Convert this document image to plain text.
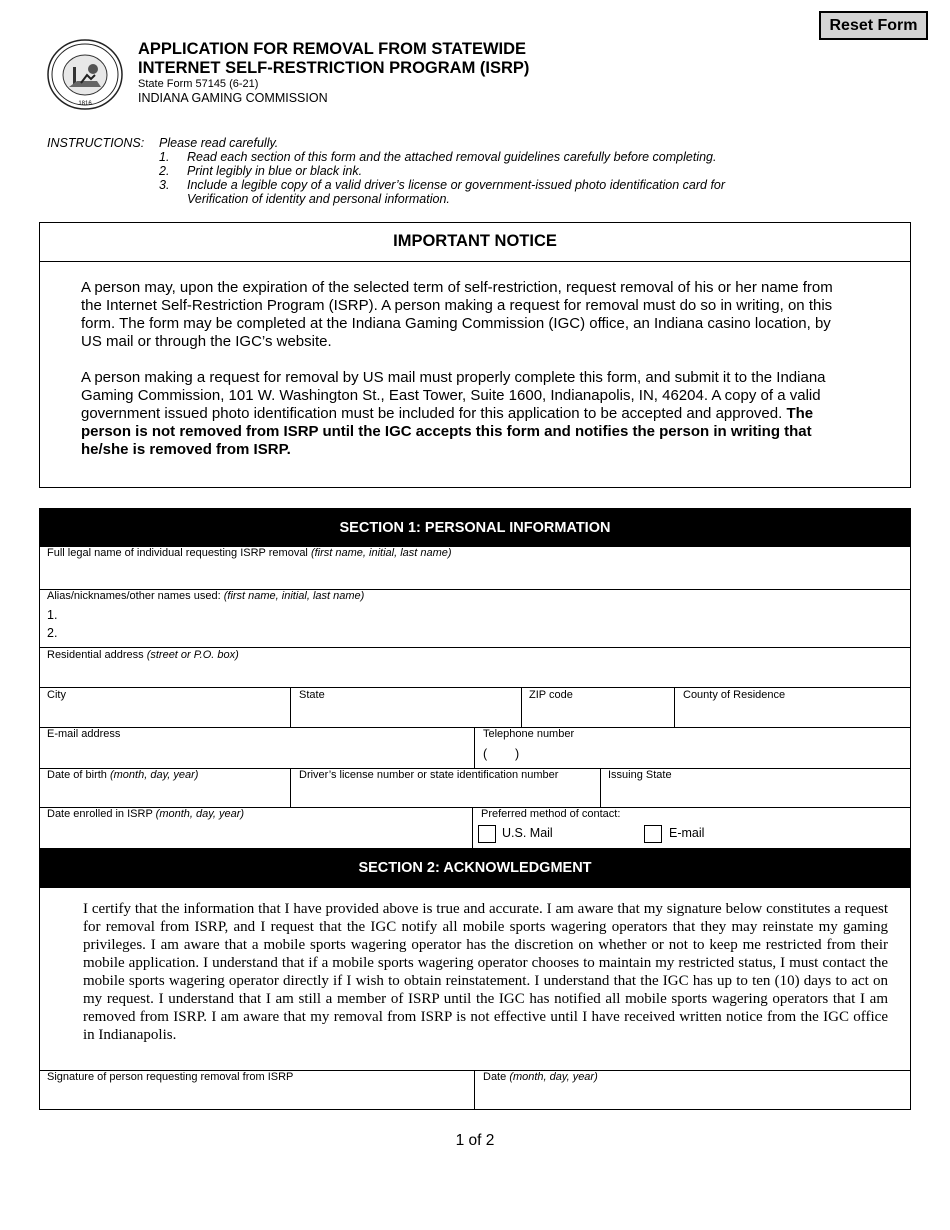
Reset Form
1816
APPLICATION FOR REMOVAL FROM STATEWIDE
INTERNET SELF-RESTRICTION PROGRAM (ISRP)
State Form 57145 (6-21)
INDIANA GAMING COMMISSION
INSTRUCTIONS: Please read carefully.
1.	Read each section of this form and the attached removal guidelines carefully before completing.
2.	Print legibly in blue or black ink.
3.	Include a legible copy of a valid driver’s license or government-issued photo identification card for
Verification of identity and personal information.
IMPORTANT NOTICE
A person may, upon the expiration of the selected term of self-restriction, request removal of his or her name from the Internet Self-Restriction Program (ISRP). A person making a request for removal must do so in writing, on this form. The form may be completed at the Indiana Gaming Commission (IGC) office, an Indiana casino location, by US mail or through the IGC’s website.
A person making a request for removal by US mail must properly complete this form, and submit it to the Indiana Gaming Commission, 101 W. Washington St., East Tower, Suite 1600, Indianapolis, IN, 46204. A copy of a valid government issued photo identification must be included for this application to be accepted and approved. The person is not removed from ISRP until the IGC accepts this form and notifies the person in writing that he/she is removed from ISRP.
SECTION 1: PERSONAL INFORMATION
Full legal name of individual requesting ISRP removal (first name, initial, last name)
Alias/nicknames/other names used: (first name, initial, last name)
1.
2.
Residential address (street or P.O. box)
City	State	ZIP code	County of Residence
E-mail address	Telephone number
(        )
Date of birth (month, day, year)	Driver’s license number or state identification number	Issuing State
Date enrolled in ISRP (month, day, year)	Preferred method of contact:
U.S. Mail	E-mail
SECTION 2: ACKNOWLEDGMENT
I certify that the information that I have provided above is true and accurate. I am aware that my signature below constitutes a request for removal from ISRP, and I request that the IGC notify all mobile sports wagering operators that they may reinstate my gaming privileges. I am aware that a mobile sports wagering operator has the discretion on whether or not to keep me restricted from their mobile application. I understand that if a mobile sports wagering operator chooses to maintain my restricted status, I must contact the mobile sports wagering operator directly if I wish to obtain reinstatement. I understand that the IGC has up to ten (10) days to act on my request. I understand that I am still a member of ISRP until the IGC has notified all mobile sports wagering operators that I am removed from ISRP. I am aware that my removal from ISRP is not effective until I have received written notice from the IGC office in Indianapolis.
Signature of person requesting removal from ISRP	Date (month, day, year)
1 of 2
